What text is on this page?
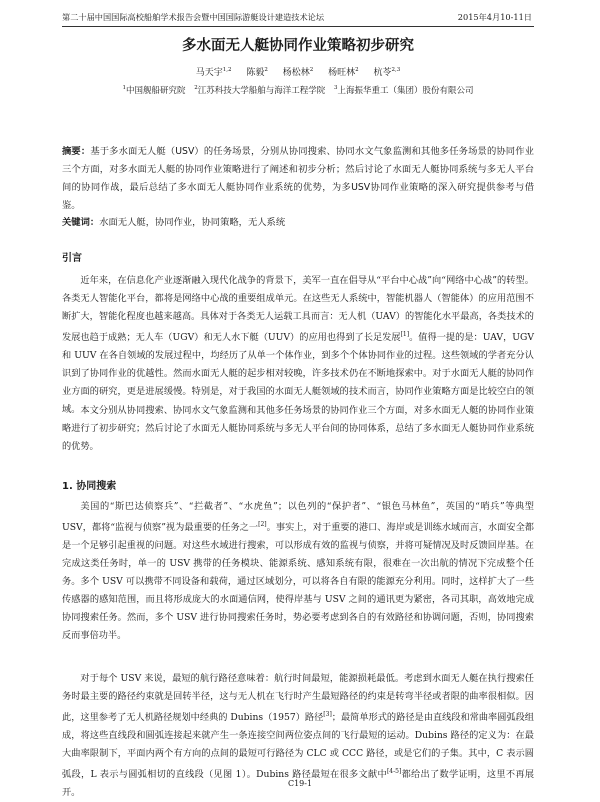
第二十届中国国际高校船舶学术报告会暨中国国际游艇设计建造技术论坛	2015年4月10-11日
多水面无人艇协同作业策略初步研究
马天宇$^{1,2}$ 陈毅$^2$ 杨松林$^2$ 杨旺林$^2$ 杭苓$^{2,3}$
$^1$中国舰船研究院 $^2$江苏科技大学船舶与海洋工程学院 $^3$上海振华重工（集团）股份有限公司
摘要：基于多水面无人艇（USV）的任务场景，分别从协同搜索、协同水文气象监测和其他多任务场景的协同作业三个方面，对多水面无人艇的协同作业策略进行了阐述和初步分析；然后讨论了水面无人艇协同系统与多无人平台间的协同作战，最后总结了多水面无人艇协同作业系统的优势，为多USV协同作业策略的深入研究提供参考与借鉴。
关键词：水面无人艇，协同作业，协同策略，无人系统
引言

近年来，在信息化产业逐渐融入现代化战争的背景下，美军一直在倡导从“平台中心战”向“网络中心战”的转型。各类无人智能化平台，都将是网络中心战的重要组成单元。在这些无人系统中，智能机器人（智能体）的应用范围不断扩大，智能化程度也越来越高。具体对于各类无人运载工具而言：无人机（UAV）的智能化水平最高，各类技术的发展也趋于成熟；无人车（UGV）和无人水下艇（UUV）的应用也得到了长足发展[1]。值得一提的是：UAV，UGV 和 UUV 在各自领域的发展过程中，均经历了从单一个体作业，到多个个体协同作业的过程。这些领域的学者充分认识到了协同作业的优越性。然而水面无人艇的起步相对较晚，许多技术仍在不断地探索中。对于水面无人艇的协同作业方面的研究，更是进展缓慢。特别是，对于我国的水面无人艇领域的技术而言，协同作业策略方面是比较空白的领域。 本文分别从协同搜索、协同水文气象监测和其他多任务场景的协同作业三个方面，对多水面无人艇的协同作业策略进行了初步研究；然后讨论了水面无人艇协同系统与多无人平台间的协同体系，总结了多水面无人艇协同作业系统的优势。

1. 协同搜索

美国的“斯巴达侦察兵”、“拦截者”、“水虎鱼”；以色列的“保护者”、“银色马林鱼”，英国的“哨兵”等典型 USV，都将“监视与侦察”视为最重要的任务之一[2]。事实上，对于重要的港口、海岸或是训练水域而言，水面安全都是一个足够引起重视的问题。对这些水域进行搜索，可以形成有效的监视与侦察，并将可疑情况及时反馈回岸基。在完成这类任务时，单一的 USV 携带的任务模块、能源系统、感知系统有限，很难在一次出航的情况下完成整个任务。多个 USV 可以携带不同设备和载荷，通过区域划分，可以将各自有限的能源充分利用。同时，这样扩大了一些传感器的感知范围，而且将形成庞大的水面通信网，使得岸基与 USV 之间的通讯更为紧密，各司其职，高效地完成协同搜索任务。然而，多个 USV 进行协同搜索任务时，势必要考虑到各自的有效路径和协调问题，否则，协同搜索反而事倍功半。

对于每个 USV 来说，最短的航行路径意味着：航行时间最短，能源损耗最低。考虑到水面无人艇在执行搜索任务时最主要的路径约束就是回转半径，这与无人机在飞行时产生最短路径的约束是转弯半径或者限的曲率很相似。因此，这里参考了无人机路径规划中经典的 Dubins（1957）路径[3]；最简单形式的路径是由直线段和常曲率圆弧段组成，将这些直线段和圆弧连接起来就产生一条连接空间两位姿点间的飞行最短的运动。Dubins 路径的定义为：在最大曲率限制下，平面内两个有方向的点间的最短可行路径为 CLC 或 CCC 路径，或是它们的子集。其中，C 表示圆弧段，L 表示与圆弧相切的直线段（见图 1）。Dubins 路径最短在很多文献中[4-5]都给出了数学证明，这里不再展开。

C19-1
